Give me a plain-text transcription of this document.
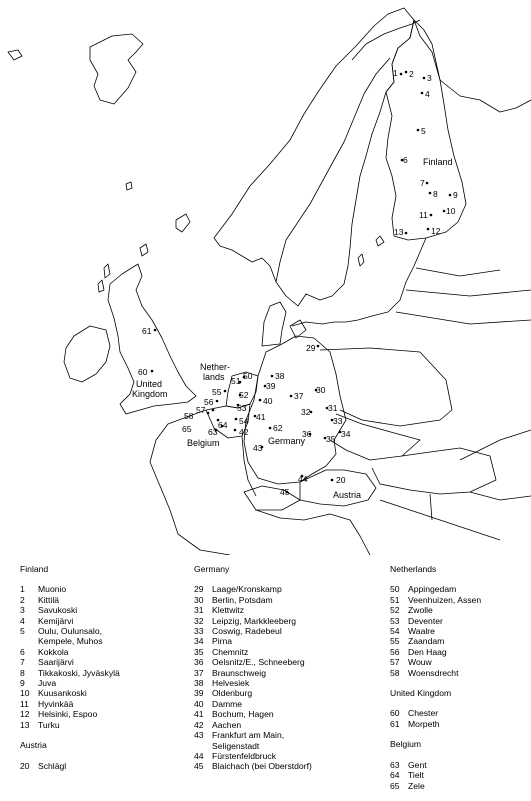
Finland
Nether-
lands
United
Kingdom
Belgium	Germany
Austria
1 2 3
4
5
6
7
8 9
10
11
12
13
20
29
30
31
32
33
34
35
36
37
38
39
40
41
42
43
44
45
50
51
52
53
54
55
56
57
58
60
61
62
63
64
65
Finland
1	Muonio
2	Kittilä
3	Savukoski
4	Kemijärvi
5	Oulu, Oulunsalo,
Kempele, Muhos
6	Kokkola
7	Saarijärvi
8	Tikkakoski, Jyväskylä
9	Juva
10 Kuusankoski
11	Hyvinkää
12 Helsinki, Espoo
13 Turku
Austria
20 Schlägl
Germany
29 Laage/Kronskamp
30 Berlin, Potsdam
31 Klettwitz
32 Leipzig, Markkleeberg
33 Coswig, Radebeul
34 Pirna
35 Chemnitz
36 Oelsnitz/E., Schneeberg
37 Braunschweig
38 Helvesiek
39 Oldenburg
40 Damme
41 Bochum, Hagen
42 Aachen
43 Frankfurt am Main,
Seligenstadt
44 Fürstenfeldbruck
45 Blaichach (bei Oberstdorf)
Netherlands
50 Appingedam
51 Veenhuizen, Assen
52 Zwolle
53 Deventer
54 Waalre
55 Zaandam
56 Den Haag
57 Wouw
58 Woensdrecht
United Kingdom
60 Chester
61 Morpeth
Belgium
63 Gent
64 Tielt
65 Zele
